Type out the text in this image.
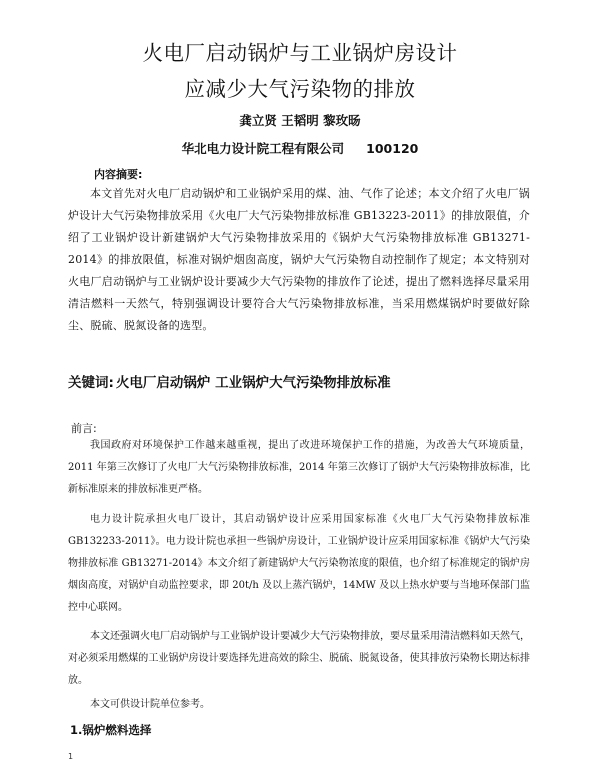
火电厂启动锅炉与工业锅炉房设计
应减少大气污染物的排放
龚立贤 王韬明 黎玫旸
华北电力设计院工程有限公司 100120
内容摘要:
本文首先对火电厂启动锅炉和工业锅炉采用的煤、油、气作了论述；本文介绍了火电厂锅炉设计大气污染物排放采用《火电厂大气污染物排放标准 GB13223-2011》的排放限值，介绍了工业锅炉设计新建锅炉大气污染物排放采用的《锅炉大气污染物排放标准 GB13271-2014》的排放限值，标准对锅炉烟囱高度，锅炉大气污染物自动控制作了规定；本文特别对火电厂启动锅炉与工业锅炉设计要减少大气污染物的排放作了论述，提出了燃料选择尽量采用清洁燃料一天然气，特别强调设计要符合大气污染物排放标准，当采用燃煤锅炉时要做好除尘、脱硫、脱氮设备的选型。
关键词: 火电厂启动锅炉 工业锅炉大气污染物排放标准
前言:
我国政府对环境保护工作越来越重视，提出了改进环境保护工作的措施，为改善大气环境质量，2011 年第三次修订了火电厂大气污染物排放标准，2014 年第三次修订了锅炉大气污染物排放标准，比新标准原来的排放标准更严格。
电力设计院承担火电厂设计，其启动锅炉设计应采用国家标准《火电厂大气污染物排放标准 GB132233-2011》。电力设计院也承担一些锅炉房设计，工业锅炉设计应采用国家标准《锅炉大气污染物排放标准 GB13271-2014》本文介绍了新建锅炉大气污染物浓度的限值，也介绍了标准规定的锅炉房烟囱高度，对锅炉自动监控要求，即 20t/h 及以上蒸汽锅炉，14MW 及以上热水炉要与当地环保部门监控中心联网。
本文还强调火电厂启动锅炉与工业锅炉设计要减少大气污染物排放，要尽量采用清洁燃料如天然气，对必须采用燃煤的工业锅炉房设计要选择先进高效的除尘、脱硫、脱氮设备，使其排放污染物长期达标排放。
本文可供设计院单位参考。
1.锅炉燃料选择
1
